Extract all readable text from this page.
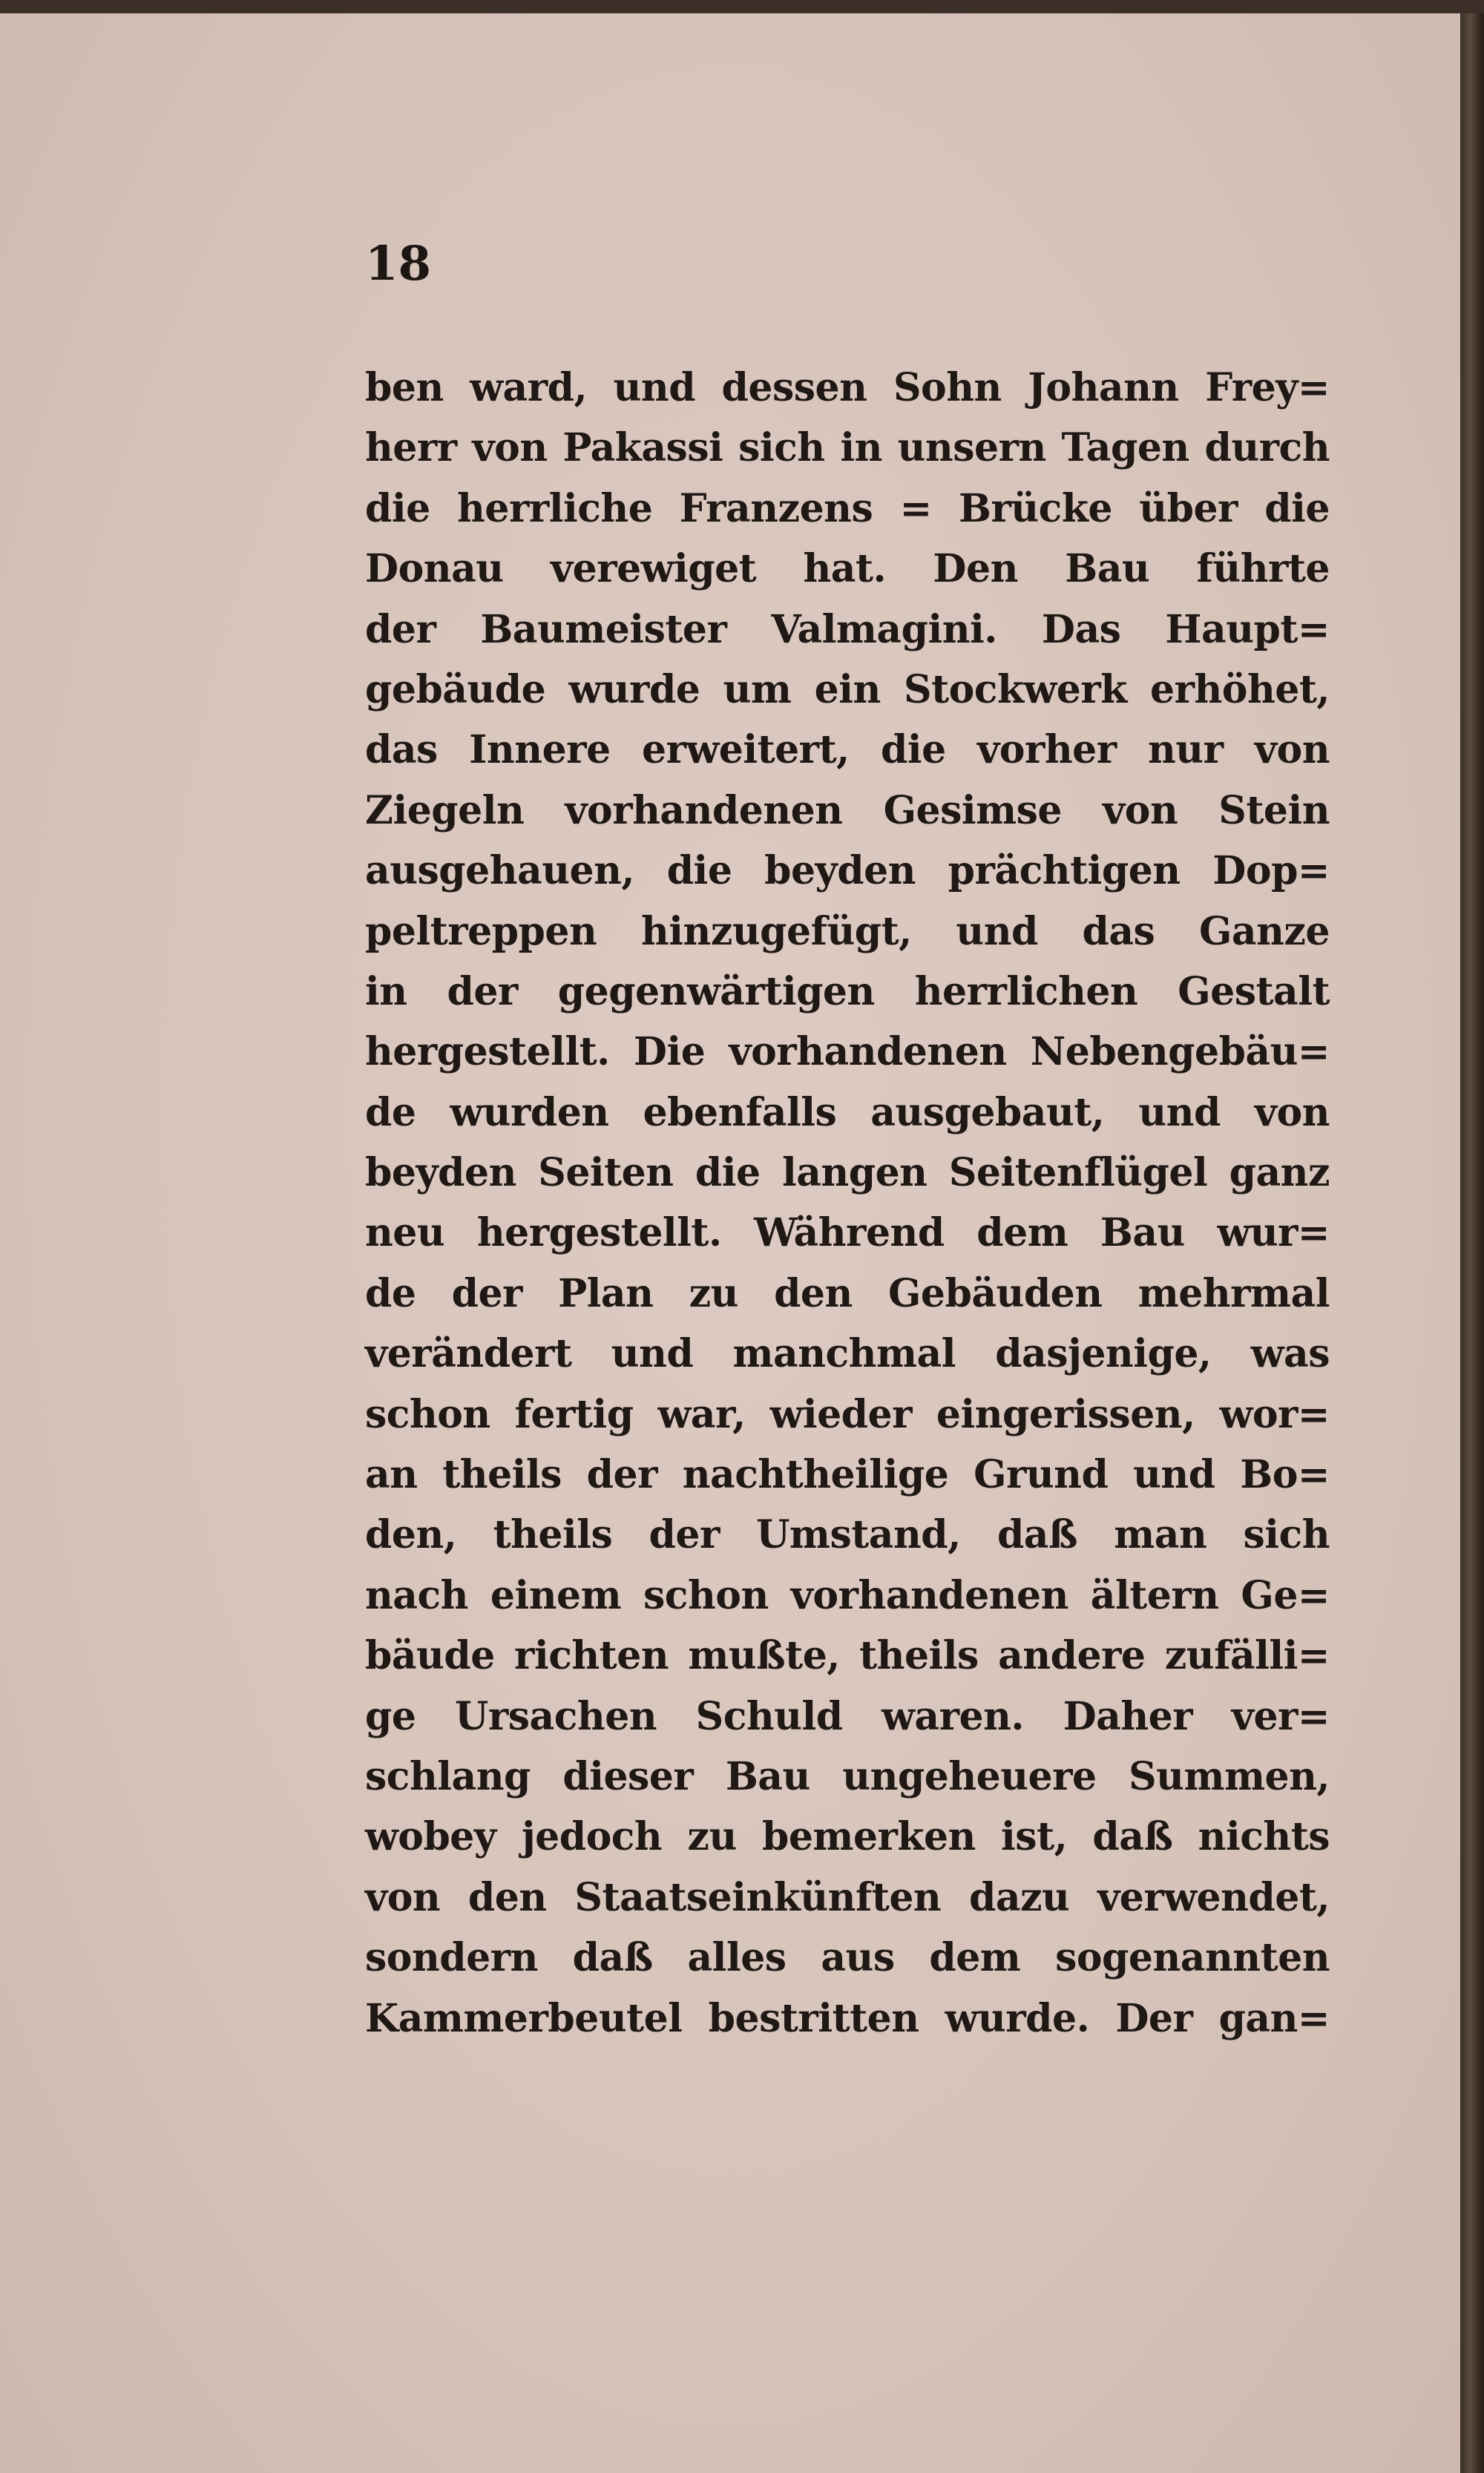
18
ben ward, und dessen Sohn Johann Frey=
herr von Pakassi sich in unsern Tagen durch
die herrliche Franzens = Brücke über die
Donau verewiget hat. Den Bau führte
der Baumeister Valmagini. Das Haupt=
gebäude wurde um ein Stockwerk erhöhet,
das Innere erweitert, die vorher nur von
Ziegeln vorhandenen Gesimse von Stein
ausgehauen, die beyden prächtigen Dop=
peltreppen hinzugefügt, und das Ganze
in der gegenwärtigen herrlichen Gestalt
hergestellt. Die vorhandenen Nebengebäu=
de wurden ebenfalls ausgebaut, und von
beyden Seiten die langen Seitenflügel ganz
neu hergestellt. Während dem Bau wur=
de der Plan zu den Gebäuden mehrmal
verändert und manchmal dasjenige, was
schon fertig war, wieder eingerissen, wor=
an theils der nachtheilige Grund und Bo=
den, theils der Umstand, daß man sich
nach einem schon vorhandenen ältern Ge=
bäude richten mußte, theils andere zufälli=
ge Ursachen Schuld waren. Daher ver=
schlang dieser Bau ungeheuere Summen,
wobey jedoch zu bemerken ist, daß nichts
von den Staatseinkünften dazu verwendet,
sondern daß alles aus dem sogenannten
Kammerbeutel bestritten wurde. Der gan=
